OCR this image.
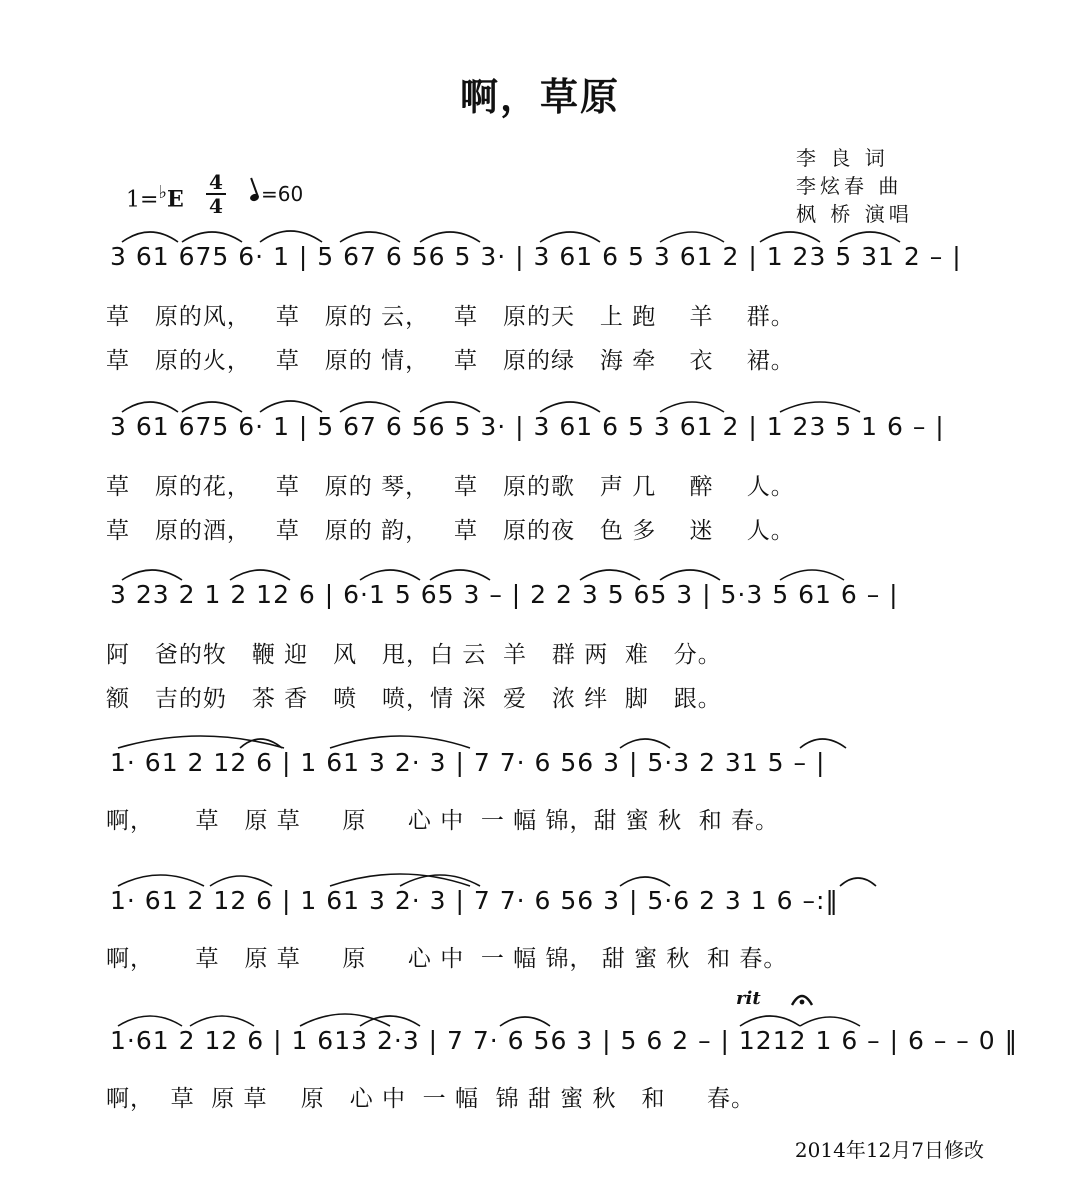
啊，草原
李 良 词
李炫春 曲
枫 桥 演唱
1=♭E
4
4	=60
3 61 675 6· 1 | 5 67 6 56 5 3· | 3 61 6 5 3 61 2 | 1 23 5 31 2 – |
草   原的风，   草   原的 云，   草   原的天   上 跑    羊    群。
草   原的火，   草   原的 情，   草   原的绿   海 牵    衣    裙。
3 61 675 6· 1 | 5 67 6 56 5 3· | 3 61 6 5 3 61 2 | 1 23 5 1 6 – |
草   原的花，   草   原的 琴，   草   原的歌   声 几    醉    人。
草   原的酒，   草   原的 韵，   草   原的夜   色 多    迷    人。
3 23 2 1 2 12 6 | 6·1 5 65 3 – | 2 2 3 5 65 3 | 5·3 5 61 6 – |
阿   爸的牧   鞭 迎   风   甩，白 云  羊   群 两  难   分。
额   吉的奶   茶 香   喷   喷，情 深  爱   浓 绊  脚   跟。
1· 61 2 12 6 | 1 61 3 2· 3 | 7 7· 6 56 3 | 5·3 2 31 5 – |
啊，     草   原 草     原     心 中  一 幅 锦，甜 蜜 秋  和 春。
1· 61 2 12 6 | 1 61 3 2· 3 | 7 7· 6 56 3 | 5·6 2 3 1 6 –:‖
啊，     草   原 草     原     心 中  一 幅 锦， 甜 蜜 秋  和 春。
rit
1·61 2 12 6 | 1 613 2·3 | 7 7· 6 56 3 | 5 6 2 – | 1212 1 6 – | 6 – – 0 ‖
啊，  草  原 草    原   心 中  一 幅  锦 甜 蜜 秋   和     春。
2014年12月7日修改
